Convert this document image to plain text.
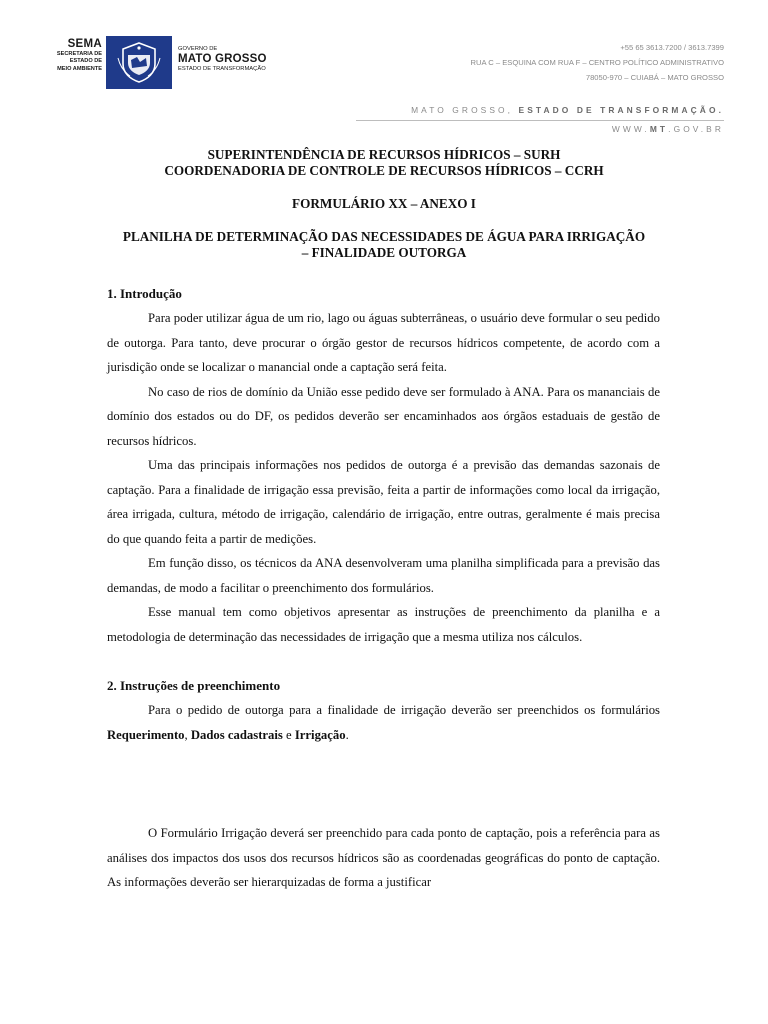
SEMA
SECRETARIA DE
ESTADO DE
MEIO AMBIENTE
GOVERNO DE
MATO GROSSO
ESTADO DE TRANSFORMAÇÃO
+55 65 3613.7200 / 3613.7399
RUA C – ESQUINA COM RUA F – CENTRO POLÍTICO ADMINISTRATIVO
78050-970 – CUIABÁ – MATO GROSSO
MATO GROSSO, ESTADO DE TRANSFORMAÇÃO.
WWW.MT.GOV.BR
SUPERINTENDÊNCIA DE RECURSOS HÍDRICOS – SURH
COORDENADORIA DE CONTROLE DE RECURSOS HÍDRICOS – CCRH
FORMULÁRIO XX – ANEXO I
PLANILHA DE DETERMINAÇÃO DAS NECESSIDADES DE ÁGUA PARA IRRIGAÇÃO
– FINALIDADE OUTORGA
1. Introdução

Para poder utilizar água de um rio, lago ou águas subterrâneas, o usuário deve formular o seu pedido de outorga. Para tanto, deve procurar o órgão gestor de recursos hídricos competente, de acordo com a jurisdição onde se localizar o manancial onde a captação será feita.

No caso de rios de domínio da União esse pedido deve ser formulado à ANA. Para os mananciais de domínio dos estados ou do DF, os pedidos deverão ser encaminhados aos órgãos estaduais de gestão de recursos hídricos.

Uma das principais informações nos pedidos de outorga é a previsão das demandas sazonais de captação. Para a finalidade de irrigação essa previsão, feita a partir de informações como local da irrigação, área irrigada, cultura, método de irrigação, calendário de irrigação, entre outras, geralmente é mais precisa do que quando feita a partir de medições.

Em função disso, os técnicos da ANA desenvolveram uma planilha simplificada para a previsão das demandas, de modo a facilitar o preenchimento dos formulários.

Esse manual tem como objetivos apresentar as instruções de preenchimento da planilha e a metodologia de determinação das necessidades de irrigação que a mesma utiliza nos cálculos.

2. Instruções de preenchimento

Para o pedido de outorga para a finalidade de irrigação deverão ser preenchidos os formulários Requerimento, Dados cadastrais e Irrigação.

O Formulário Irrigação deverá ser preenchido para cada ponto de captação, pois a referência para as análises dos impactos dos usos dos recursos hídricos são as coordenadas geográficas do ponto de captação. As informações deverão ser hierarquizadas de forma a justificar
